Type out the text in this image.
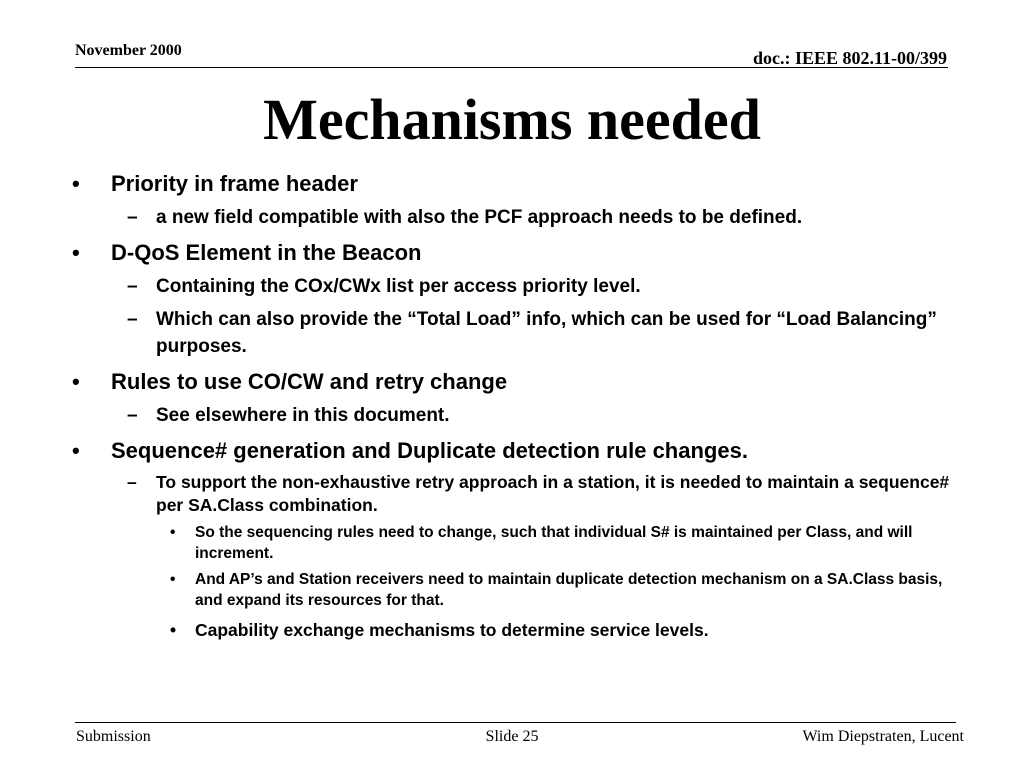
November 2000	doc.: IEEE 802.11-00/399
Mechanisms needed
• Priority in frame header
– a new field compatible with also the PCF approach needs to be defined.
• D-QoS Element in the Beacon
– Containing the COx/CWx list per access priority level.
– Which can also provide the “Total Load” info, which can be used for “Load Balancing” purposes.
• Rules to use CO/CW and retry change
– See elsewhere in this document.
• Sequence# generation and Duplicate detection rule changes.
– To support the non-exhaustive retry approach in a station, it is needed to maintain a sequence# per SA.Class combination.
• So the sequencing rules need to change, such that individual S# is maintained per Class, and will increment.
• And AP’s and Station receivers need to maintain duplicate detection mechanism on a SA.Class basis, and expand its resources for that.
• Capability exchange mechanisms to determine service levels.
Submission	Slide 25	Wim Diepstraten, Lucent
